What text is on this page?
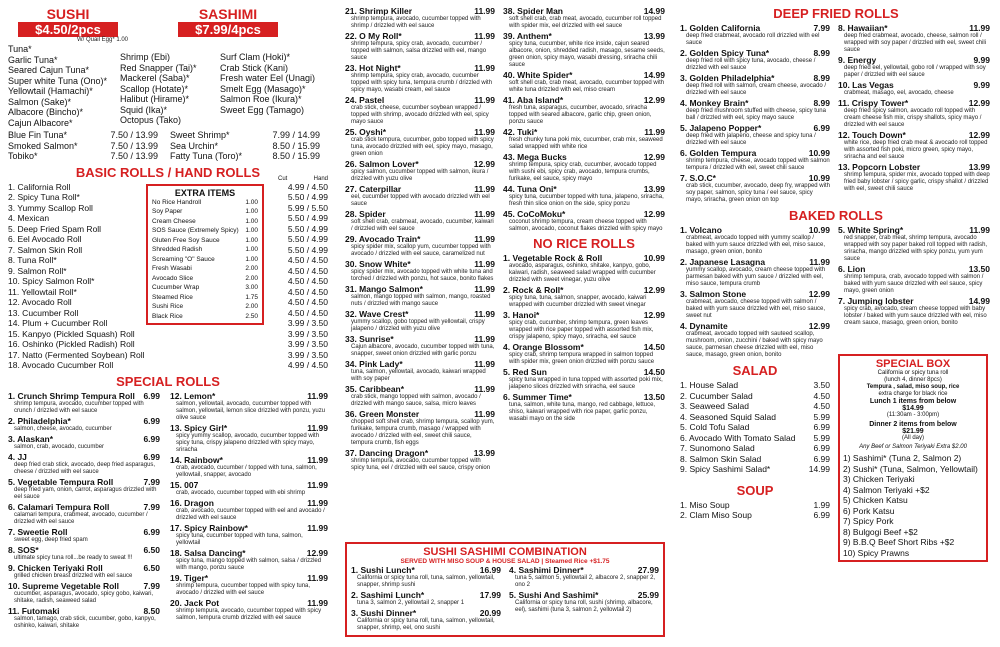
SUSHI
$4.50/2pcs
W/ Quail Egg* 1.00
SASHIMI
$7.99/4pcs
Tuna*
Garlic Tuna*
Seared Cajun Tuna*
Super white Tuna (Ono)*
Yellowtail (Hamachi)*
Salmon (Sake)*
Albacore (Bincho)*
Cajun Albacore*
Shrimp (Ebi)
Red Snapper (Tai)*
Mackerel (Saba)*
Scallop (Hotate)*
Halibut (Hirame)*
Squid (Ika)*
Octopus (Tako)
Surf Clam (Hoki)*
Crab Stick (Kani)
Fresh water Eel (Unagi)
Smelt Egg (Masago)*
Salmon Roe (Ikura)*
Sweet Egg (Tamago)
Blue Fin Tuna*	7.50 / 13.99
Smoked Salmon*	7.50 / 13.99
Tobiko*	7.50 / 13.99
Sweet Shrimp*	7.99 / 14.99
Sea Urchin*	8.50 / 15.99
Fatty Tuna (Toro)*	8.50 / 15.99
BASIC ROLLS / HAND ROLLS	Cut	Hand
1. California Roll	4.99 / 4.50
2. Spicy Tuna Roll*	5.50 / 4.99
3. Yummy Scallop Roll	5.99 / 5.50
4. Mexican	5.50 / 4.99
5. Deep Fried Spam Roll	5.50 / 4.99
6. Eel Avocado Roll	5.50 / 4.99
7. Salmon Skin Roll	5.50 / 4.99
8. Tuna Roll*	4.50 / 4.50
9. Salmon Roll*	4.50 / 4.50
10. Spicy Salmon Roll*	4.50 / 4.50
11. Yellowtail Roll*	4.50 / 4.50
12. Avocado Roll	4.50 / 4.50
13. Cucumber Roll	4.50 / 4.50
14. Plum + Cucumber Roll	3.99 / 3.50
15. Kanpyo (Pickled Squash) Roll	3.99 / 3.50
16. Oshinko (Pickled Radish) Roll	3.99 / 3.50
17. Natto (Fermented Soybean) Roll	3.99 / 3.50
18. Avocado Cucumber Roll	4.99 / 4.50
EXTRA ITEMS
No Rice Handroll	1.00
Soy Paper	1.00
Cream Cheese	1.00
SOS Sauce (Extremely Spicy) 1.00
Gluten Free Soy Sauce	1.00
Shredded Radish	1.00
Screaming "O" Sauce	1.00
Fresh Wasabi	2.00
Avocado Slice	2.00
Cucumber Wrap	3.00
Steamed Rice	1.75
Sushi Rice	2.00
Black Rice	2.50
SPECIAL ROLLS
1. Crunch Shrimp Tempura Roll 6.99
shrimp tempura, avocado, cucumber topped with crunch / drizzled with eel sauce
2. Philadelphia*	6.99
salmon, cheese, avocado, cucumber
3. Alaskan*	6.99
salmon, crab, avocado, cucumber
4. JJ	6.99
deep fried crab stick, avocado, deep fried asparagus, cheese / drizzled with eel sauce
5. Vegetable Tempura Roll	7.99
deep fried yam, onion, carrot, asparagus drizzled with eel sauce
6. Calamari Tempura Roll	7.99
calamari tempura, crabmeat, avocado, cucumber / drizzled with eel sauce
7. Sweetie Roll	6.99
sweet egg, deep fried spam
8. SOS*	6.50
ultimate spicy tuna roll...be ready to sweat !!!
9. Chicken Teriyaki Roll	6.50
grilled chicken breast drizzled with eel sauce
10. Supreme Vegetable Roll	7.99
cucumber, asparagus, avocado, spicy gobo, kaiwari, shitake, radish, seaweed salad
11. Futomaki	8.50
salmon, tamago, crab stick, cucumber, gobo, kanpyo, oshinko, kaiwari, shitake
12. Lemon*	11.99
salmon, yellowtail, avocado, cucumber topped with salmon, yellowtail, lemon slice drizzled with ponzu, yuzu olive sauce
13. Spicy Girl*	11.99
spicy yummy scallop, avocado, cucumber topped with spicy tuna, crispy jalapeno drizzled with spicy mayo, sriracha
14. Rainbow*	11.99
crab, avocado, cucumber / topped with tuna, salmon, yellowtail, snapper, avocado
15. 007	11.99
crab, avocado, cucumber topped with ebi shrimp
16. Dragon	11.99
crab, avocado, cucumber topped with eel and avocado / drizzled with eel sauce
17. Spicy Rainbow*	11.99
spicy tuna, cucumber topped with tuna, salmon, yellowtail
18. Salsa Dancing*	12.99
spicy tuna, mango topped with salmon, salsa / drizzled with mango, ponzu sauce
19. Tiger*	11.99
shrimp tempura, cucumber topped with spicy tuna, avocado / drizzled with eel sauce
20. Jack Pot	11.99
shrimp tempura, avocado, cucumber topped with spicy salmon, tempura crumb drizzled with eel sauce
21. Shrimp Killer	11.99
shrimp tempura, avocado, cucumber topped with shrimp / drizzled with eel sauce
22. O My Roll*	11.99
shrimp tempura, spicy crab, avocado, cucumber / topped with salmon, salsa drizzled with eel, mango sauce
23. Hot Night*	11.99
shrimp tempura, spicy crab, avocado, cucumber topped with spicy tuna, tempura crumb / drizzled with spicy mayo, wasabi cream, eel sauce
24. Pastel	11.99
crab stick, cheese, cucumber soybean wrapped / topped with shrimp, avocado drizzled with eel, spicy mayo sauce
25. Oyshi*	11.99
crab stick tempura, cucumber, gobo topped with spicy tuna, avocado drizzled with eel, spicy mayo, masago, green onion
26. Salmon Lover*	12.99
spicy salmon, cucumber topped with salmon, ikura / drizzled with yuzu olive
27. Caterpillar	11.99
eel, cucumber topped with avocado drizzled with eel sauce
28. Spider	11.99
soft shell crab, crabmeat, avocado, cucumber, kaiwari / drizzled with eel sauce
29. Avocado Train*	11.99
spicy spider mix, scallop yum, cucumber topped with avocado / drizzled with eel sauce, caramelized nut
30. Snow White*	11.99
spicy spider mix, avocado topped with white tuna and torched / drizzled with ponzu, hot sauce, bonito flakes
31. Mango Salmon*	11.99
salmon, mango topped with salmon, mango, roasted nuts / drizzled with mango sauce
32. Wave Crest*	11.99
yummy scallop, gobo topped with yellowtail, crispy jalapeno / drizzled with yuzu olive
33. Sunrise*	11.99
Cajun albacore, avocado, cucumber topped with tuna, snapper, sweet onion drizzled with garlic ponzu
34. Pink Lady*	11.99
tuna, salmon, yellowtail, avocado, kaiwari wrapped with soy paper
35. Caribbean*	11.99
crab stick, mango topped with salmon, avocado / drizzled with mango sauce, salsa, micro leaves
36. Green Monster	11.99
chopped soft shell crab, shrimp tempura, scallop yum, furikake, tempura crumb, masago / wrapped with avocado / drizzled with eel, sweet chili sauce, tempura crumb, fish eggs
37. Dancing Dragon*	13.99
shrimp tempura, avocado, cucumber topped with spicy tuna, eel / drizzled with eel sauce, crispy onion
38. Spider Man	14.99
soft shell crab, crab meat, avocado, cucumber roll topped with spider mix, eel drizzled with eel sauce
39. Anthem*	13.99
spicy tuna, cucumber, white rice inside, cajun seared albacore, onion, shredded radish, masago, sesame seeds, green onion, spicy mayo, wasabi dressing, sriracha chili sauce
40. White Spider*	14.99
soft shell crab, crab meat, avocado, cucumber topped with white tuna drizzled with eel, miso cream
41. Aba Island*	12.99
fresh tuna, asparagus, cucumber, avocado, sriracha topped with seared albacore, garlic chip, green onion, ponzu sauce
42. Tuki*	11.99
fresh chunky tuna poki mix, cucumber, crab mix, seaweed salad wrapped with white rice
43. Mega Bucks	12.99
shrimp tempura, spicy crab, cucumber, avocado topped with sushi ebi, spicy crab, avocado, tempura crumbs, furikake, eel sauce, spicy mayo
44. Tuna Oni*	13.99
spicy tuna, cucumber topped with tuna, jalapeno, sriracha, fresh thin slice onion on the side, spicy ponzu
45. CoCoMoku*	12.99
coconut shrimp tempura, cream cheese topped with salmon, avocado, coconut flakes drizzled with spicy mayo
NO RICE ROLLS
1. Vegetable Rock & Roll	10.99
avocado, asparagus, oshinko, shitake, kanpyo, gobo, kaiwari, radish, seaweed salad wrapped with cucumber drizzled with sweet vinegar, yuzu olive
2. Rock & Roll*	12.99
spicy tuna, tuna, salmon, snapper, avocado, kaiwari wrapped with cucumber drizzled with sweet vinegar
3. Hanoi*	12.99
spicy crab, cucumber, shrimp tempura, green leaves wrapped with rice paper topped with assorted fish mix, crispy jalapeno, spicy mayo, sriracha, eel sauce
4. Orange Blossom*	14.50
spicy crab, shrimp tempura wrapped in salmon topped with spider mix, green onion drizzled with ponzu sauce
5. Red Sun	14.50
spicy tuna wrapped in tuna topped with assorted poki mix, jalapeno slices drizzled with sriracha, eel sauce
6. Summer Time*	13.50
tuna, salmon, white tuna, mango, red cabbage, lettuce, shiso, kaiwari wrapped with rice paper, garlic ponzu, wasabi mayo on the side
SUSHI SASHIMI COMBINATION
SERVED WITH MISO SOUP & HOUSE SALAD | Steamed Rice +$1.75
1. Sushi Lunch*	16.99
California or spicy tuna roll, tuna, salmon, yellowtail, snapper, shrimp sushi
2. Sashimi Lunch*	17.99
tuna 3, salmon 2, yellowtail 2, snapper 1
3. Sushi Dinner*	20.99
California or spicy tuna roll, tuna, salmon, yellowtail, snapper, shrimp, eel, ono sushi
4. Sashimi Dinner*	27.99
tuna 5, salmon 5, yellowtail 2, albacore 2, snapper 2, ono 2
5. Sushi And Sashimi*	25.99
California or spicy tuna roll, sushi (shrimp, albacore, eel), sashimi (tuna 3, salmon 2, yellowtail 2)
DEEP FRIED ROLLS
1. Golden California	7.99
deep fried crabmeat, avocado roll drizzled with eel sauce
2. Golden Spicy Tuna*	8.99
deep fried roll with spicy tuna, avocado, cheese / drizzled with eel sauce
3. Golden Philadelphia*	8.99
deep fried roll with salmon, cream cheese, avocado / drizzled with eel sauce
4. Monkey Brain*	8.99
deep fried mushroom stuffed with cheese, spicy tuna ball / drizzled with eel, spicy mayo sauce
5. Jalapeno Popper*	6.99
deep fried with jalapeno, cheese and spicy tuna / drizzled with eel sauce
6. Golden Tempura	10.99
shrimp tempura, cheese, avocado topped with salmon tempura / drizzled with eel, sweet chili sauce
7. S.O.C*	10.99
crab stick, cucumber, avocado, deep fry, wrapped with soy paper, salmon, spicy tuna / eel sauce, spicy mayo, sriracha, green onion on top
8. Hawaiian*	11.99
deep fried crabmeat, avocado, cheese, salmon roll / wrapped with soy paper / drizzled with eel, sweet chili sauce
9. Energy	9.99
deep fried eel, yellowtail, gobo roll / wrapped with soy paper / drizzled with eel sauce
10. Las Vegas	9.99
crabmeat, masago, eel, avocado, cheese
11. Crispy Tower*	12.99
deep fried spicy salmon, avocado roll topped with cream cheese fish mix, crispy shallots, spicy mayo / drizzled with eel sauce
12. Touch Down*	12.99
white rice, deep fried crab meat & avocado roll topped with assorted fish poki, micro green, spicy mayo, sriracha and eel sauce
13. Popcorn Lobster	13.99
shrimp tempura, spider mix, avocado topped with deep fried baby lobster / spicy garlic, crispy shallot / drizzled with eel, sweet chili sauce
BAKED ROLLS
1. Volcano	10.99
crabmeat, avocado topped with yummy scallop / baked with yum sauce drizzled with eel, miso sauce, masago, green onion, bonito
2. Japanese Lasagna	11.99
yummy scallop, avocado, cream cheese topped with parmesan baked with yum sauce / drizzled with eel, miso sauce, tempura crumb
3. Salmon Stone	12.99
crabmeat, avocado, cheese topped with salmon / baked with yum sauce drizzled with eel, miso sauce, sweet nut
4. Dynamite	12.99
crabmeat, avocado topped with sauteed scallop, mushroom, onion, zucchini / baked with spicy mayo sauce, parmesan cheese drizzled with eel, miso sauce, masago, green onion, bonito
5. White Spring*	11.99
red snapper, crab meat, shrimp tempura, avocado wrapped with soy paper baked roll topped with radish, sriracha, mango drizzled with spicy ponzu, yum yum sauce
6. Lion	13.50
shrimp tempura, crab, avocado topped with salmon / baked with yum sauce drizzled with eel sauce, spicy mayo, green onion
7. Jumping lobster	14.99
spicy crab, avocado, cream cheese topped with baby lobster / baked with yum sauce drizzled with eel, miso cream sauce, masago, green onion, bonito
SALAD
1. House Salad	3.50
2. Cucumber Salad	4.50
3. Seaweed Salad	4.50
4. Seasoned Squid Salad	5.99
5. Cold Tofu Salad	6.99
6. Avocado With Tomato Salad 5.99
7. Sunomono Salad	6.99
8. Salmon Skin Salad	6.99
9. Spicy Sashimi Salad*	14.99
SOUP
1. Miso Soup	1.99
2. Clam Miso Soup	6.99
SPECIAL BOX
California or spicy tuna roll
(lunch 4, dinner 8pcs)
Tempura , salad, miso soup, rice
extra charge for black rice
Lunch 1 items from below
$14.99
(11:30am - 3:00pm)
Dinner 2 items from below
$21.99
(All day)
Any Beef or Salmon Teriyaki Extra $2.00
1) Sashimi* (Tuna 2, Salmon 2)
2) Sushi* (Tuna, Salmon, Yellowtail)
3) Chicken Teriyaki
4) Salmon Teriyaki +$2
5) Chicken Katsu
6) Pork Katsu
7) Spicy Pork
8) Bulgogi Beef +$2
9) B.B.Q Beef Short Ribs +$2
10) Spicy Prawns
